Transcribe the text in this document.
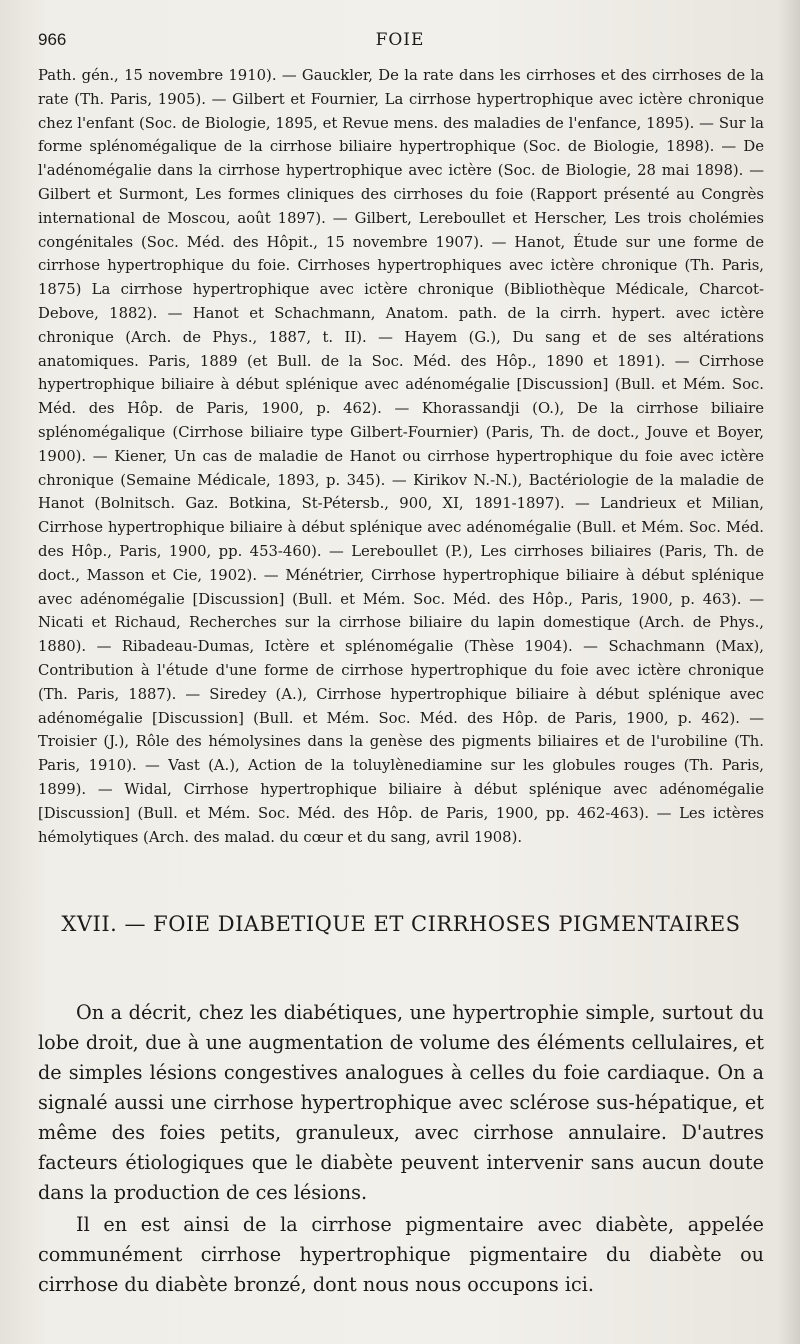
966	FOIE

Path. gén., 15 novembre 1910). — Gauckler, De la rate dans les cirrhoses et des cirrhoses de la rate (Th. Paris, 1905). — Gilbert et Fournier, La cirrhose hypertrophique avec ictère chronique chez l'enfant (Soc. de Biologie, 1895, et Revue mens. des maladies de l'enfance, 1895). — Sur la forme splénomégalique de la cirrhose biliaire hypertrophique (Soc. de Biologie, 1898). — De l'adénomégalie dans la cirrhose hypertrophique avec ictère (Soc. de Biologie, 28 mai 1898). — Gilbert et Surmont, Les formes cliniques des cirrhoses du foie (Rapport présenté au Congrès international de Moscou, août 1897). — Gilbert, Lereboullet et Herscher, Les trois cholémies congénitales (Soc. Méd. des Hôpit., 15 novembre 1907). — Hanot, Étude sur une forme de cirrhose hypertrophique du foie. Cirrhoses hypertrophiques avec ictère chronique (Th. Paris, 1875) La cirrhose hypertrophique avec ictère chronique (Bibliothèque Médicale, Charcot-Debove, 1882). — Hanot et Schachmann, Anatom. path. de la cirrh. hypert. avec ictère chronique (Arch. de Phys., 1887, t. II). — Hayem (G.), Du sang et de ses altérations anatomiques. Paris, 1889 (et Bull. de la Soc. Méd. des Hôp., 1890 et 1891). — Cirrhose hypertrophique biliaire à début splénique avec adénomégalie [Discussion] (Bull. et Mém. Soc. Méd. des Hôp. de Paris, 1900, p. 462). — Khorassandji (O.), De la cirrhose biliaire splénomégalique (Cirrhose biliaire type Gilbert-Fournier) (Paris, Th. de doct., Jouve et Boyer, 1900). — Kiener, Un cas de maladie de Hanot ou cirrhose hypertrophique du foie avec ictère chronique (Semaine Médicale, 1893, p. 345). — Kirikov N.-N.), Bactériologie de la maladie de Hanot (Bolnitsch. Gaz. Botkina, St-Pétersb., 900, XI, 1891-1897). — Landrieux et Milian, Cirrhose hypertrophique biliaire à début splénique avec adénomégalie (Bull. et Mém. Soc. Méd. des Hôp., Paris, 1900, pp. 453-460). — Lereboullet (P.), Les cirrhoses biliaires (Paris, Th. de doct., Masson et Cie, 1902). — Ménétrier, Cirrhose hypertrophique biliaire à début splénique avec adénomégalie [Discussion] (Bull. et Mém. Soc. Méd. des Hôp., Paris, 1900, p. 463). — Nicati et Richaud, Recherches sur la cirrhose biliaire du lapin domestique (Arch. de Phys., 1880). — Ribadeau-Dumas, Ictère et splénomégalie (Thèse 1904). — Schachmann (Max), Contribution à l'étude d'une forme de cirrhose hypertrophique du foie avec ictère chronique (Th. Paris, 1887). — Siredey (A.), Cirrhose hypertrophique biliaire à début splénique avec adénomégalie [Discussion] (Bull. et Mém. Soc. Méd. des Hôp. de Paris, 1900, p. 462). — Troisier (J.), Rôle des hémolysines dans la genèse des pigments biliaires et de l'urobiline (Th. Paris, 1910). — Vast (A.), Action de la toluylènediamine sur les globules rouges (Th. Paris, 1899). — Widal, Cirrhose hypertrophique biliaire à début splénique avec adénomégalie [Discussion] (Bull. et Mém. Soc. Méd. des Hôp. de Paris, 1900, pp. 462-463). — Les ictères hémolytiques (Arch. des malad. du cœur et du sang, avril 1908).

XVII. — FOIE DIABETIQUE ET CIRRHOSES PIGMENTAIRES

On a décrit, chez les diabétiques, une hypertrophie simple, surtout du lobe droit, due à une augmentation de volume des éléments cellulaires, et de simples lésions congestives analogues à celles du foie cardiaque. On a signalé aussi une cirrhose hypertrophique avec sclérose sus-hépatique, et même des foies petits, granuleux, avec cirrhose annulaire. D'autres facteurs étiologiques que le diabète peuvent intervenir sans aucun doute dans la production de ces lésions.

Il en est ainsi de la cirrhose pigmentaire avec diabète, appelée communément cirrhose hypertrophique pigmentaire du diabète ou cirrhose du diabète bronzé, dont nous nous occupons ici.
